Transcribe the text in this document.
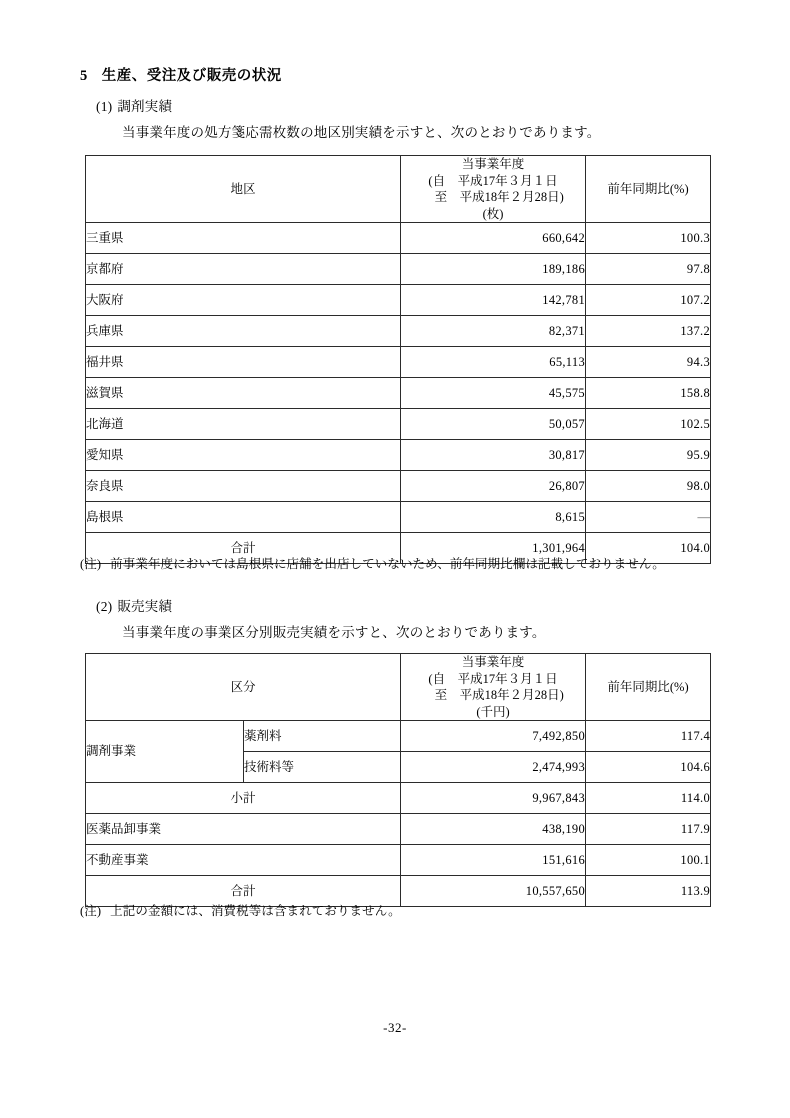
5 生産、受注及び販売の状況
(1) 調剤実績
当事業年度の処方箋応需枚数の地区別実績を示すと、次のとおりであります。
地区	当事業年度
(自　平成17年３月１日
　至　平成18年２月28日)
(枚)	前年同期比(%)
三重県	660,642	100.3
京都府	189,186	97.8
大阪府	142,781	107.2
兵庫県	82,371	137.2
福井県	65,113	94.3
滋賀県	45,575	158.8
北海道	50,057	102.5
愛知県	30,817	95.9
奈良県	26,807	98.0
島根県	8,615	―
合計	1,301,964	104.0
(注) 前事業年度においては島根県に店舗を出店していないため、前年同期比欄は記載しておりません。
(2) 販売実績
当事業年度の事業区分別販売実績を示すと、次のとおりであります。
区分		当事業年度
(自　平成17年３月１日
　至　平成18年２月28日)
(千円)	前年同期比(%)
調剤事業	薬剤料	7,492,850	117.4
	技術料等	2,474,993	104.6
小計		9,967,843	114.0
医薬品卸事業		438,190	117.9
不動産事業		151,616	100.1
合計		10,557,650	113.9
(注) 上記の金額には、消費税等は含まれておりません。
-32-
